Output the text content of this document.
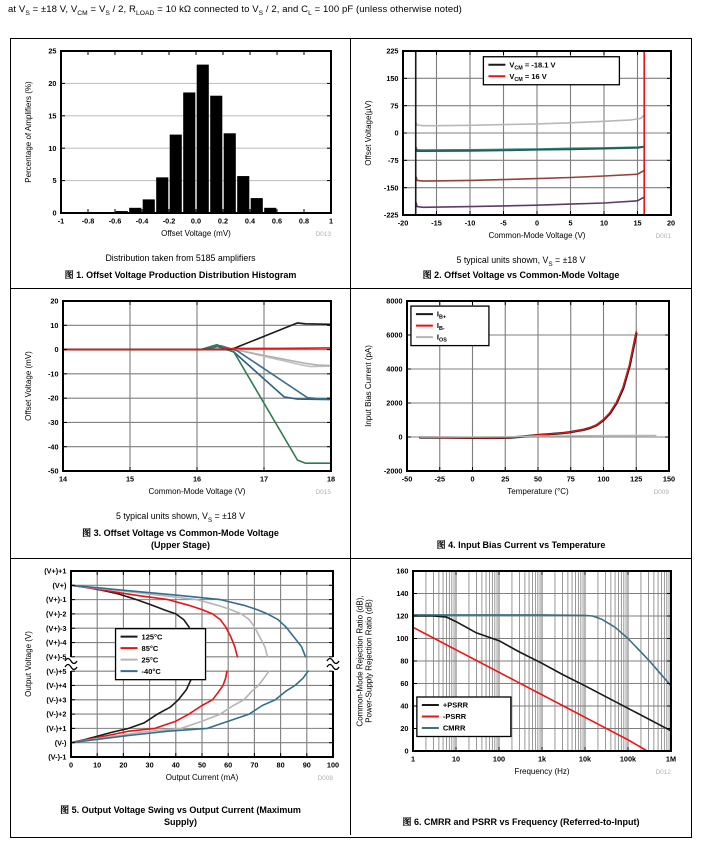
at $V_S = \pm 18$ V, $V_{CM} = V_S / 2$, $R_{LOAD} = 10$ kΩ connected to $V_S / 2$, and $C_L = 100$ pF (unless otherwise noted)
-1 -0.8 -0.6 -0.4 -0.2 0.0 0.2 0.4 0.6 0.8	1
0
5
10
15
20
25
Offset Voltage (mV)
Percentage of Amplifiers (%)
D013
Distribution taken from 5185 amplifiers
图 1. Offset Voltage Production Distribution Histogram
-20	-15	-10	-5	0	5	10	15	20
-225
-150
-75
0
75
150
225
Common-Mode Voltage (V)
Offset Voltage(µV)
D001
$V_{CM} = -18.1$ V
$V_{CM} = 16$ V
5 typical units shown, $V_S = \pm 18$ V
图 2. Offset Voltage vs Common-Mode Voltage
14	15	16	17	18
-50
-40
-30
-20
-10
0
10
20
Common-Mode Voltage (V)
Offset Voltage (mV)
D015
5 typical units shown, $V_S = \pm 18$ V
图 3. Offset Voltage vs Common-Mode Voltage
(Upper Stage)
-50	-25	0	25	50	75	100	125	150
-2000
0
2000
4000
6000
8000
Temperature (°C)
Input Bias Current (pA)
D009
$I_{B+}$
$I_{B-}$
$I_{OS}$
图 4. Input Bias Current vs Temperature
0	10 20 30 40 50 60 70 80 90 100
(V+)+1
(V+)
(V+)-1
(V+)-2
(V+)-3
(V+)-4
(V+)-5
(V-)+5
(V-)+4
(V-)+3
(V-)+2
(V-)+1
(V-)
(V-)-1
Output Current (mA)
Output Voltage (V)
D008
125°C
85°C
25°C
-40°C
图 5. Output Voltage Swing vs Output Current (Maximum
Supply)
1	10	100	1k	10k	100k	1M
0
20
40
60
80
100
120
140
160
Frequency (Hz)
Common-Mode Rejection Ratio (dB),Power-Supply Rejection Ratio (dB)
D012
+PSRR
-PSRR
CMRR
图 6. CMRR and PSRR vs Frequency (Referred-to-Input)
